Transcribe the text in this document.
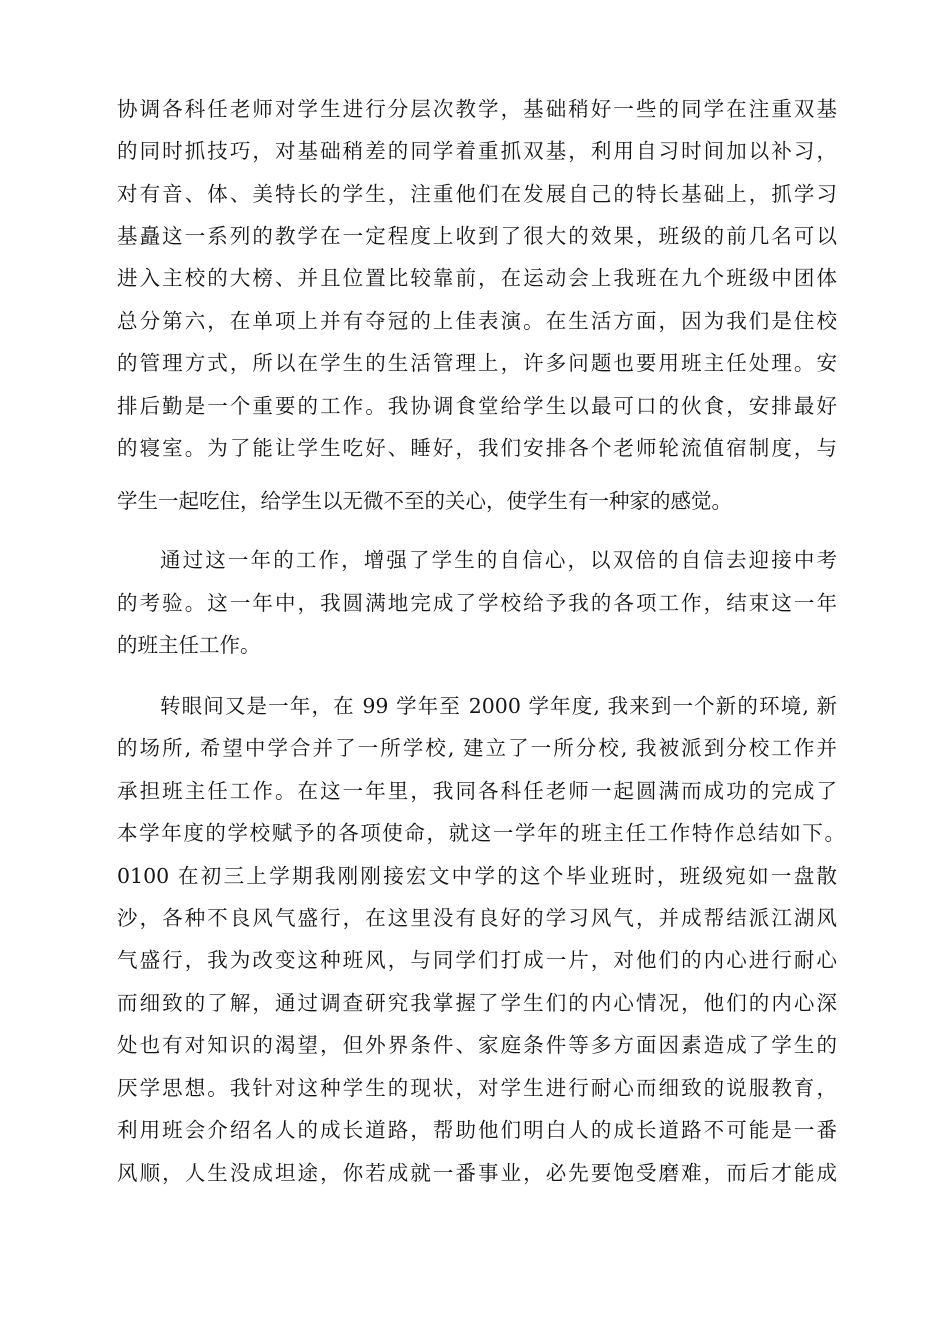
协调各科任老师对学生进行分层次教学，基础稍好一些的同学在注重双基
的同时抓技巧，对基础稍差的同学着重抓双基，利用自习时间加以补习，
对有音、体、美特长的学生，注重他们在发展自己的特长基础上，抓学习
基矗这一系列的教学在一定程度上收到了很大的效果，班级的前几名可以
进入主校的大榜、并且位置比较靠前，在运动会上我班在九个班级中团体
总分第六，在单项上并有夺冠的上佳表演。在生活方面，因为我们是住校
的管理方式，所以在学生的生活管理上，许多问题也要用班主任处理。安
排后勤是一个重要的工作。我协调食堂给学生以最可口的伙食，安排最好
的寝室。为了能让学生吃好、睡好，我们安排各个老师轮流值宿制度，与
学生一起吃住，给学生以无微不至的关心，使学生有一种家的感觉。
通过这一年的工作，增强了学生的自信心，以双倍的自信去迎接中考
的考验。这一年中，我圆满地完成了学校给予我的各项工作，结束这一年
的班主任工作。
转眼间又是一年，在 99 学年至 2000 学年度, 我来到一个新的环境, 新
的场所, 希望中学合并了一所学校, 建立了一所分校, 我被派到分校工作并
承担班主任工作。在这一年里，我同各科任老师一起圆满而成功的完成了
本学年度的学校赋予的各项使命，就这一学年的班主任工作特作总结如下。
0100 在初三上学期我刚刚接宏文中学的这个毕业班时，班级宛如一盘散
沙，各种不良风气盛行，在这里没有良好的学习风气，并成帮结派江湖风
气盛行，我为改变这种班风，与同学们打成一片，对他们的内心进行耐心
而细致的了解，通过调查研究我掌握了学生们的内心情况，他们的内心深
处也有对知识的渴望，但外界条件、家庭条件等多方面因素造成了学生的
厌学思想。我针对这种学生的现状，对学生进行耐心而细致的说服教育，
利用班会介绍名人的成长道路，帮助他们明白人的成长道路不可能是一番
风顺，人生没成坦途，你若成就一番事业，必先要饱受磨难，而后才能成
